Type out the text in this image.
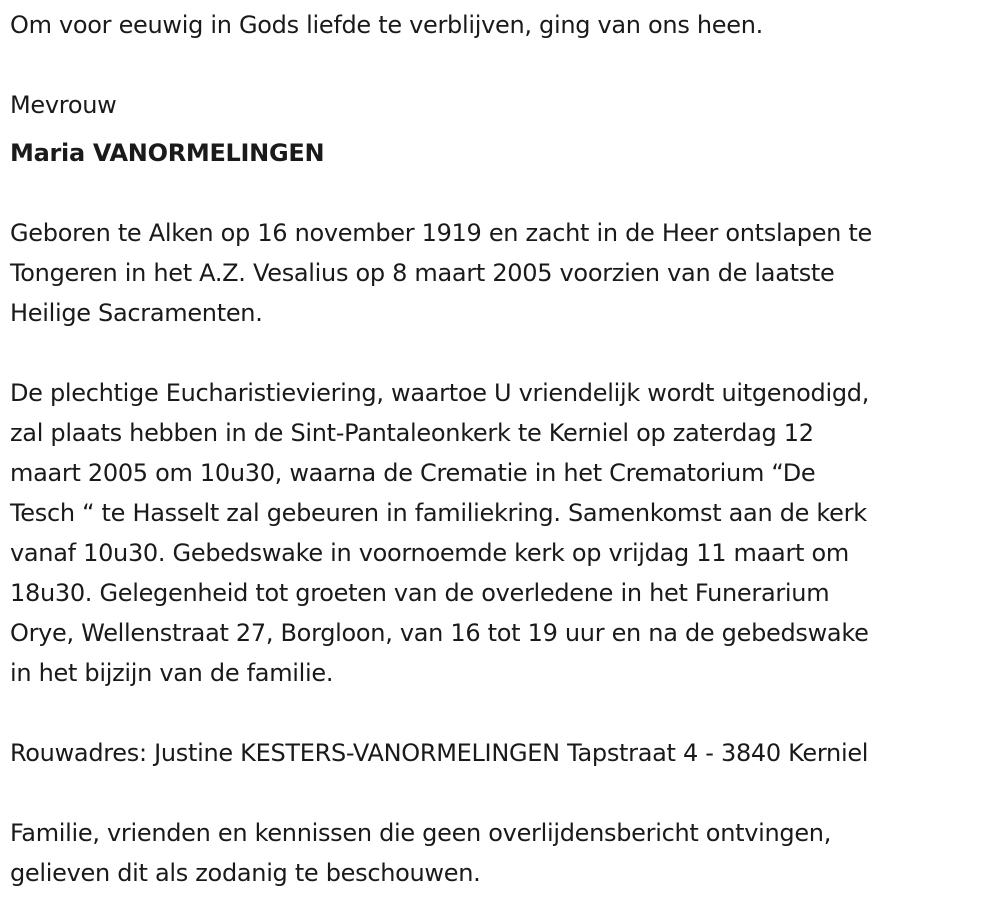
Om voor eeuwig in Gods liefde te verblijven, ging van ons heen.

Mevrouw

Maria VANORMELINGEN

Geboren te Alken op 16 november 1919 en zacht in de Heer ontslapen te

Tongeren in het A.Z. Vesalius op 8 maart 2005 voorzien van de laatste

Heilige Sacramenten.

De plechtige Eucharistieviering, waartoe U vriendelijk wordt uitgenodigd,

zal plaats hebben in de Sint-Pantaleonkerk te Kerniel op zaterdag 12

maart 2005 om 10u30, waarna de Crematie in het Crematorium “De

Tesch “ te Hasselt zal gebeuren in familiekring. Samenkomst aan de kerk

vanaf 10u30. Gebedswake in voornoemde kerk op vrijdag 11 maart om

18u30. Gelegenheid tot groeten van de overledene in het Funerarium

Orye, Wellenstraat 27, Borgloon, van 16 tot 19 uur en na de gebedswake

in het bijzijn van de familie.

Rouwadres: Justine KESTERS-VANORMELINGEN Tapstraat 4 - 3840 Kerniel

Familie, vrienden en kennissen die geen overlijdensbericht ontvingen,

gelieven dit als zodanig te beschouwen.
